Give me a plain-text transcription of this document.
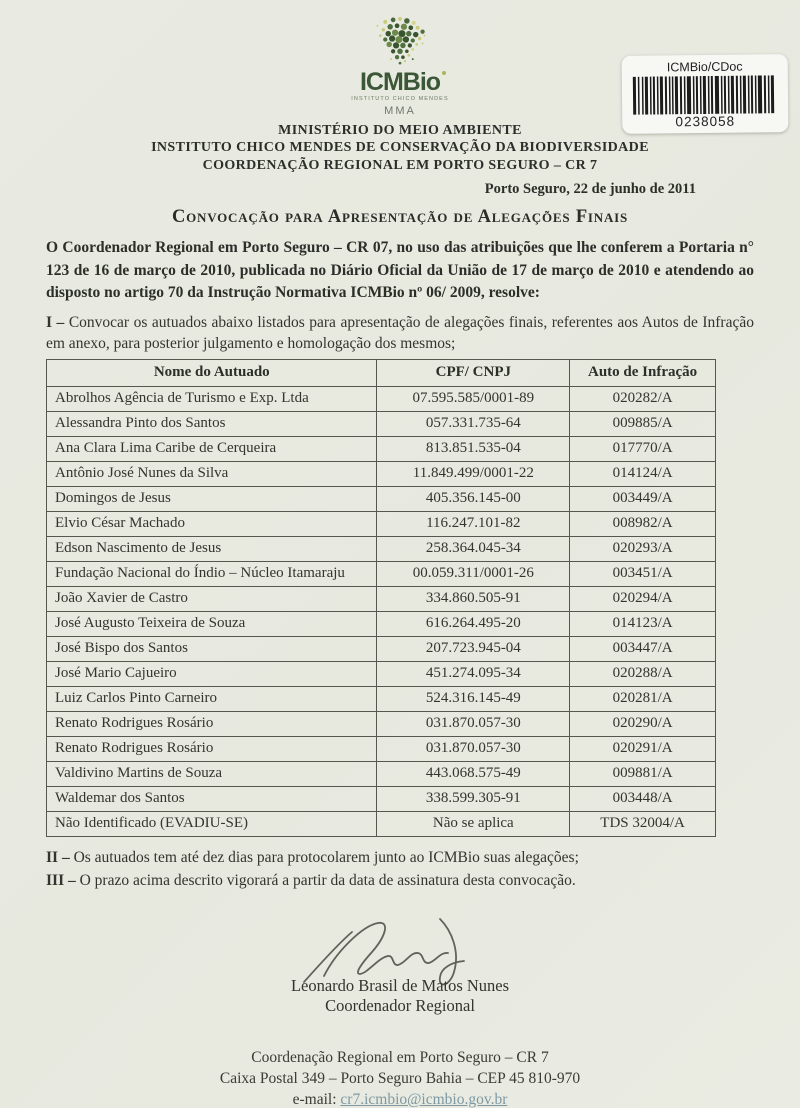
ICMBio/CDoc
0238058
ICMBio
INSTITUTO CHICO MENDES
MMA
MINISTÉRIO DO MEIO AMBIENTE
INSTITUTO CHICO MENDES DE CONSERVAÇÃO DA BIODIVERSIDADE
COORDENAÇÃO REGIONAL EM PORTO SEGURO – CR 7
Porto Seguro, 22 de junho de 2011
Convocação para Apresentação de Alegações Finais

O Coordenador Regional em Porto Seguro – CR 07, no uso das atribuições que lhe conferem a Portaria n° 123 de 16 de março de 2010, publicada no Diário Oficial da União de 17 de março de 2010 e atendendo ao disposto no artigo 70 da Instrução Normativa ICMBio nº 06/ 2009, resolve:

I – Convocar os autuados abaixo listados para apresentação de alegações finais, referentes aos Autos de Infração em anexo, para posterior julgamento e homologação dos mesmos;

Nome do Autuado	CPF/ CNPJ	Auto de Infração
Abrolhos Agência de Turismo e Exp. Ltda	07.595.585/0001-89	020282/A
Alessandra Pinto dos Santos	057.331.735-64	009885/A
Ana Clara Lima Caribe de Cerqueira	813.851.535-04	017770/A
Antônio José Nunes da Silva	11.849.499/0001-22	014124/A
Domingos de Jesus	405.356.145-00	003449/A
Elvio César Machado	116.247.101-82	008982/A
Edson Nascimento de Jesus	258.364.045-34	020293/A
Fundação Nacional do Índio – Núcleo Itamaraju	00.059.311/0001-26	003451/A
João Xavier de Castro	334.860.505-91	020294/A
José Augusto Teixeira de Souza	616.264.495-20	014123/A
José Bispo dos Santos	207.723.945-04	003447/A
José Mario Cajueiro	451.274.095-34	020288/A
Luiz Carlos Pinto Carneiro	524.316.145-49	020281/A
Renato Rodrigues Rosário	031.870.057-30	020290/A
Renato Rodrigues Rosário	031.870.057-30	020291/A
Valdivino Martins de Souza	443.068.575-49	009881/A
Waldemar dos Santos	338.599.305-91	003448/A
Não Identificado (EVADIU-SE)	Não se aplica	TDS 32004/A

II – Os autuados tem até dez dias para protocolarem junto ao ICMBio suas alegações;

III – O prazo acima descrito vigorará a partir da data de assinatura desta convocação.

Leonardo Brasil de Matos Nunes
Coordenador Regional
Coordenação Regional em Porto Seguro – CR 7
Caixa Postal 349 – Porto Seguro Bahia – CEP 45 810-970
e-mail: cr7.icmbio@icmbio.gov.br
